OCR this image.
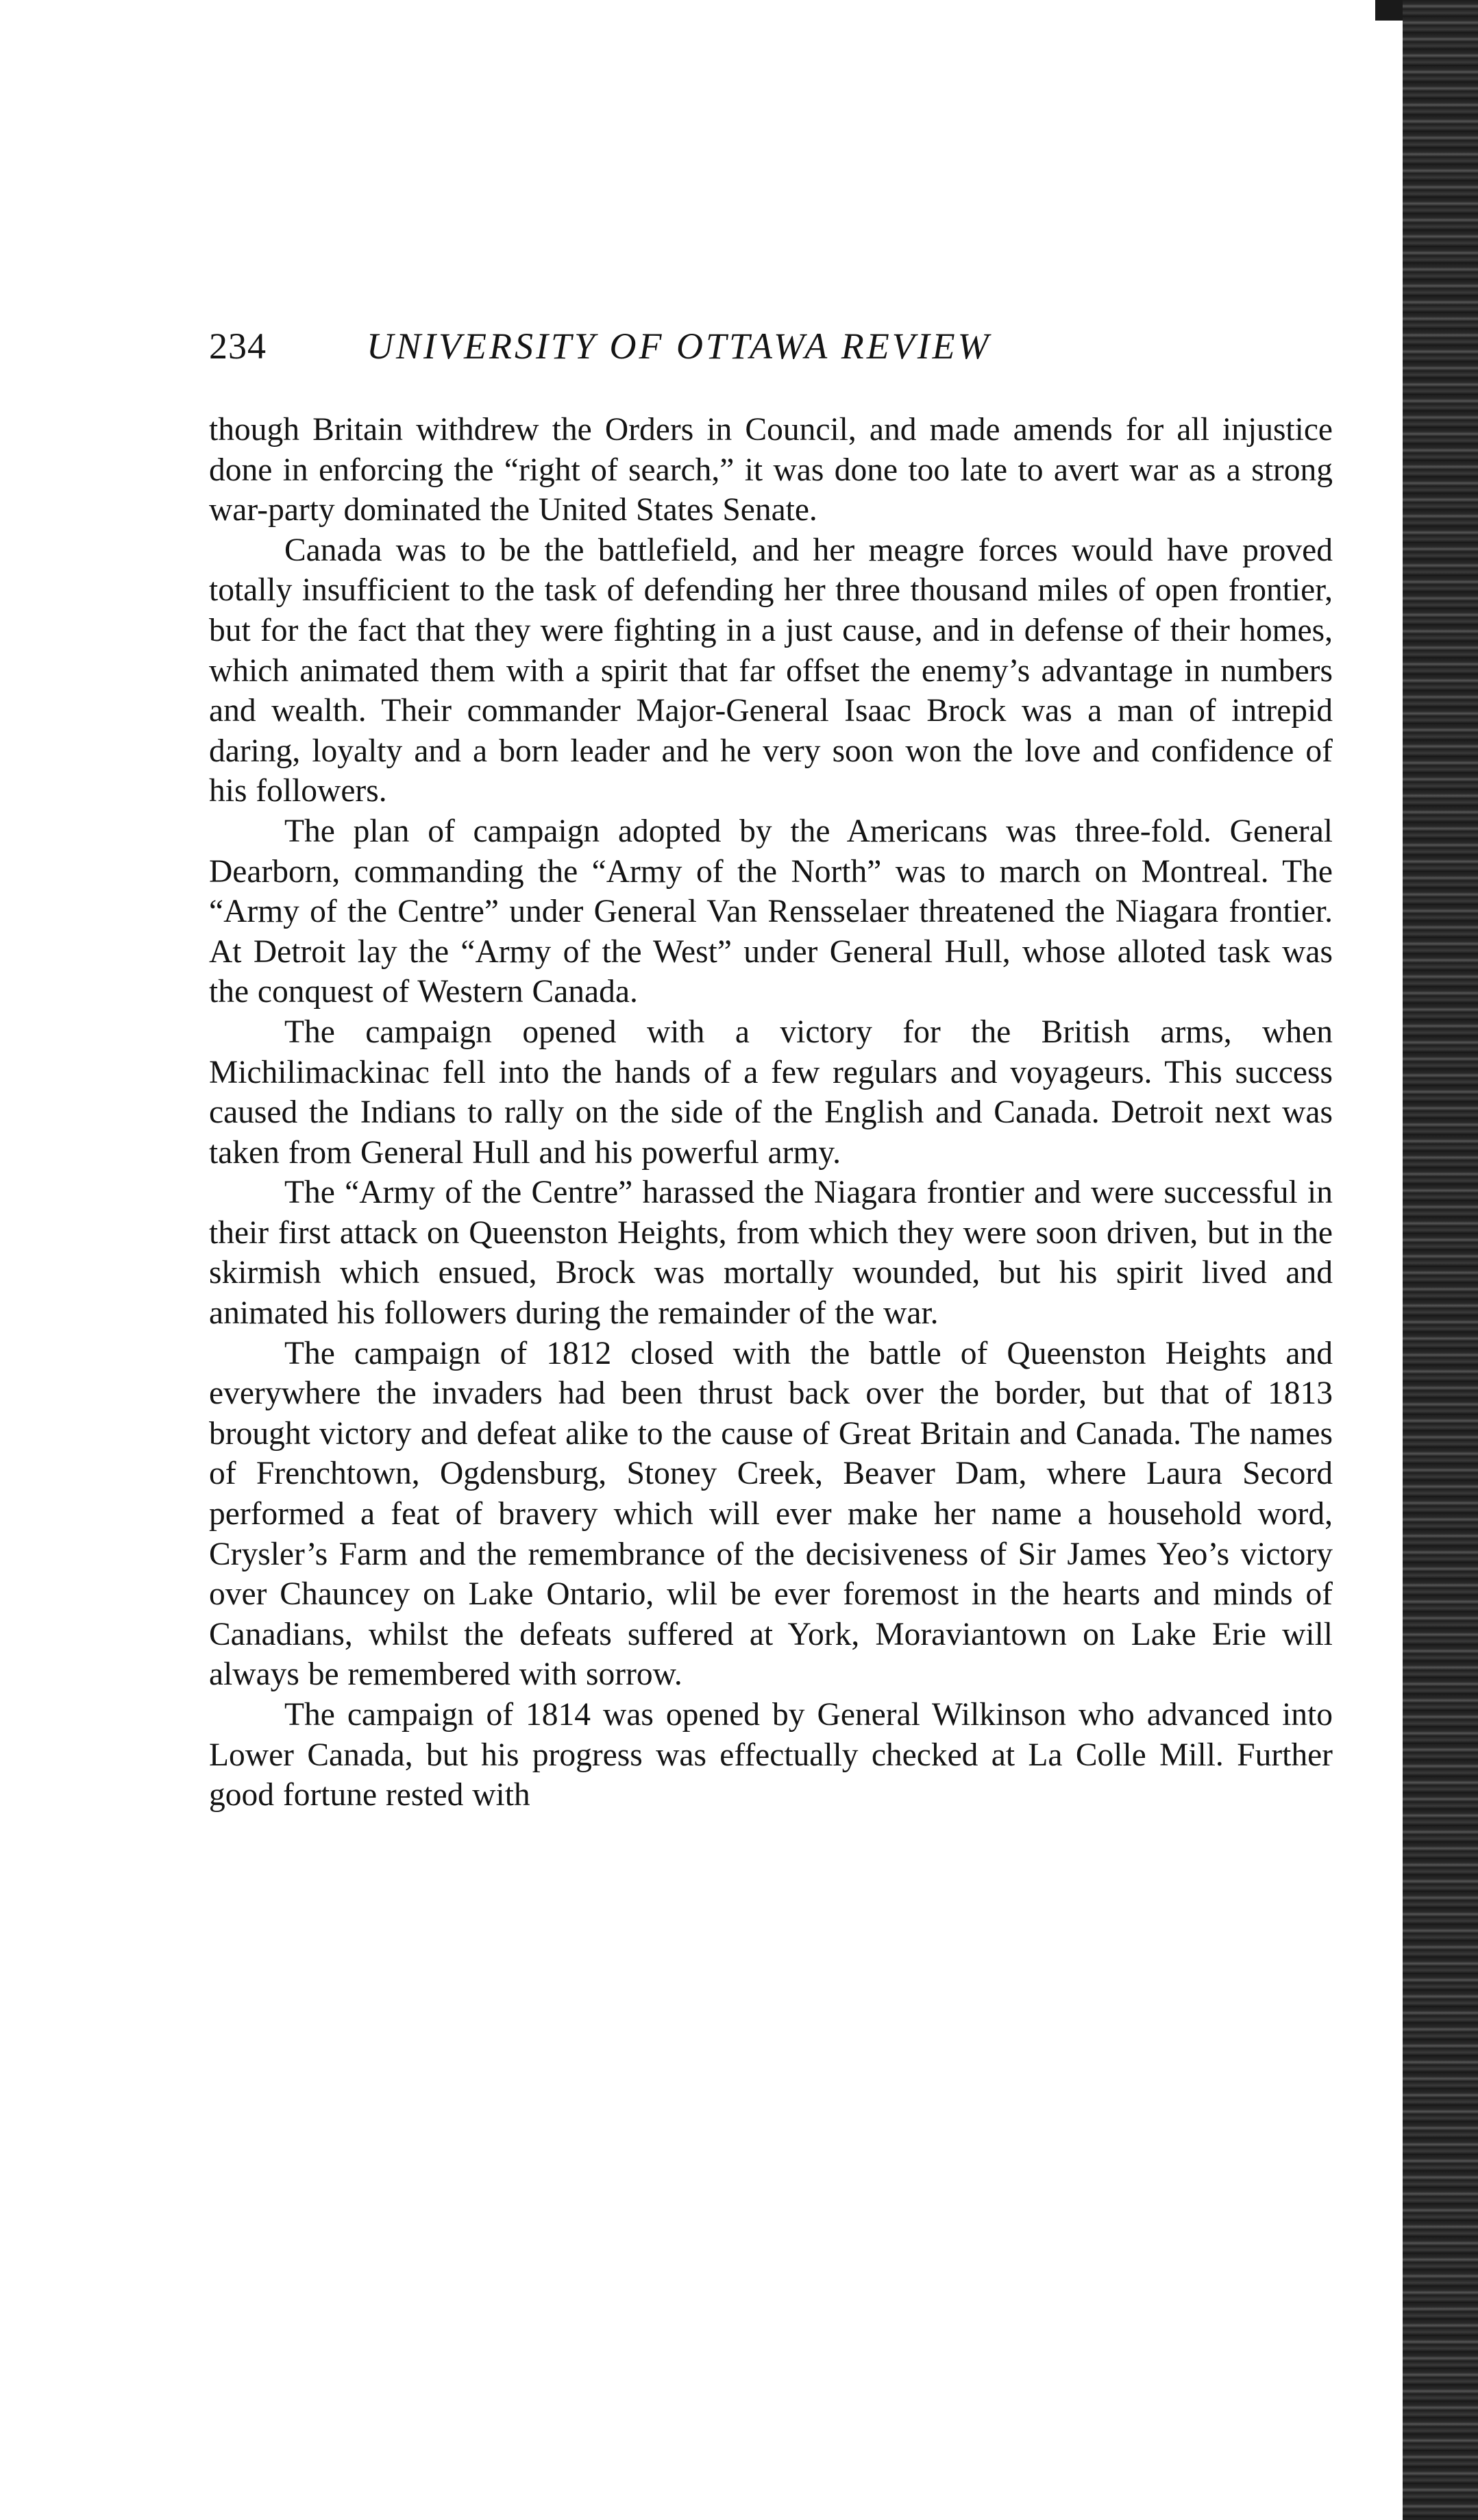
234	UNIVERSITY OF OTTAWA REVIEW

though Britain withdrew the Orders in Council, and made amends for all injustice done in enforcing the “right of search,” it was done too late to avert war as a strong war-party dominated the United States Senate.

Canada was to be the battlefield, and her meagre forces would have proved totally insufficient to the task of defending her three thousand miles of open frontier, but for the fact that they were fighting in a just cause, and in defense of their homes, which animated them with a spirit that far offset the enemy’s advantage in numbers and wealth. Their commander Major-General Isaac Brock was a man of intrepid daring, loyalty and a born leader and he very soon won the love and confidence of his followers.

The plan of campaign adopted by the Americans was three-fold. General Dearborn, commanding the “Army of the North” was to march on Montreal. The “Army of the Centre” under General Van Rensselaer threatened the Niagara frontier. At Detroit lay the “Army of the West” under General Hull, whose alloted task was the conquest of Western Canada.

The campaign opened with a victory for the British arms, when Michilimackinac fell into the hands of a few regulars and voyageurs. This success caused the Indians to rally on the side of the English and Canada. Detroit next was taken from General Hull and his powerful army.

The “Army of the Centre” harassed the Niagara frontier and were successful in their first attack on Queenston Heights, from which they were soon driven, but in the skirmish which ensued, Brock was mortally wounded, but his spirit lived and animated his followers during the remainder of the war.

The campaign of 1812 closed with the battle of Queenston Heights and everywhere the invaders had been thrust back over the border, but that of 1813 brought victory and defeat alike to the cause of Great Britain and Canada. The names of Frenchtown, Ogdensburg, Stoney Creek, Beaver Dam, where Laura Secord performed a feat of bravery which will ever make her name a household word, Crysler’s Farm and the remembrance of the decisiveness of Sir James Yeo’s victory over Chauncey on Lake Ontario, wlil be ever foremost in the hearts and minds of Canadians, whilst the defeats suffered at York, Moraviantown on Lake Erie will always be remembered with sorrow.

The campaign of 1814 was opened by General Wilkinson who advanced into Lower Canada, but his progress was effectually checked at La Colle Mill. Further good fortune rested with
